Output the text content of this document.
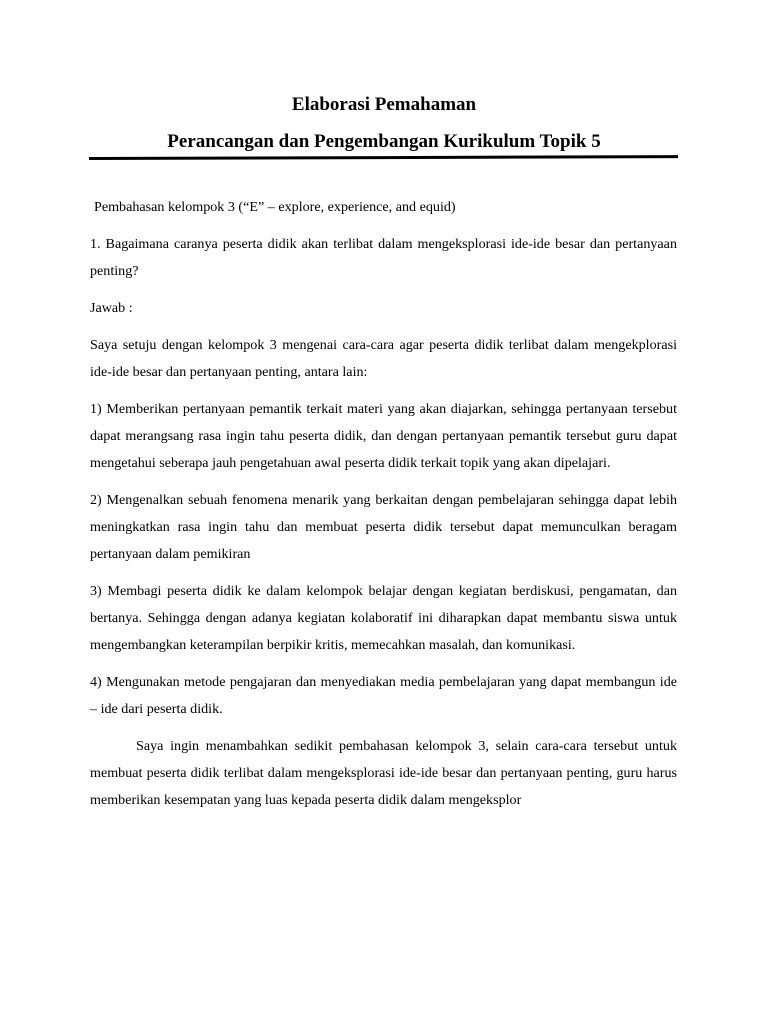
Elaborasi Pemahaman
Perancangan dan Pengembangan Kurikulum Topik 5

Pembahasan kelompok 3 (“E” – explore, experience, and equid)

1. Bagaimana caranya peserta didik akan terlibat dalam mengeksplorasi ide-ide besar dan pertanyaan penting?

Jawab :

Saya setuju dengan kelompok 3 mengenai cara-cara agar peserta didik terlibat dalam mengekplorasi ide-ide besar dan pertanyaan penting, antara lain:

1) Memberikan pertanyaan pemantik terkait materi yang akan diajarkan, sehingga pertanyaan tersebut dapat merangsang rasa ingin tahu peserta didik, dan dengan pertanyaan pemantik tersebut guru dapat mengetahui seberapa jauh pengetahuan awal peserta didik terkait topik yang akan dipelajari.

2) Mengenalkan sebuah fenomena menarik yang berkaitan dengan pembelajaran sehingga dapat lebih meningkatkan rasa ingin tahu dan membuat peserta didik tersebut dapat memunculkan beragam pertanyaan dalam pemikiran

3) Membagi peserta didik ke dalam kelompok belajar dengan kegiatan berdiskusi, pengamatan, dan bertanya. Sehingga dengan adanya kegiatan kolaboratif ini diharapkan dapat membantu siswa untuk mengembangkan keterampilan berpikir kritis, memecahkan masalah, dan komunikasi.

4) Mengunakan metode pengajaran dan menyediakan media pembelajaran yang dapat membangun ide – ide dari peserta didik.

Saya ingin menambahkan sedikit pembahasan kelompok 3, selain cara-cara tersebut untuk membuat peserta didik terlibat dalam mengeksplorasi ide-ide besar dan pertanyaan penting, guru harus memberikan kesempatan yang luas kepada peserta didik dalam mengeksplor
